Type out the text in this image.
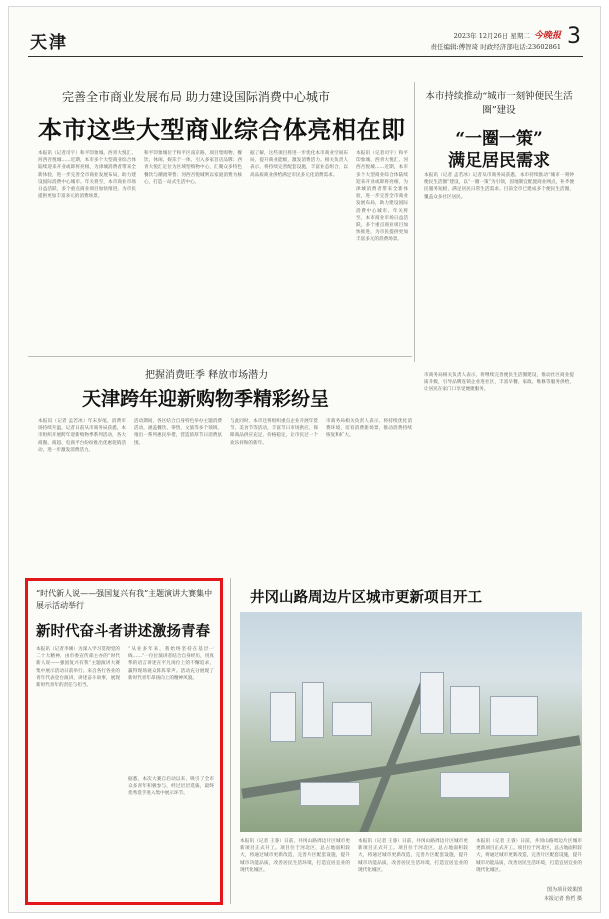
天津	2023年 12月26日 星期二 今晚报
责任编辑:傅智琦 时政经济部电话:23602861 3
完善全市商业发展布局 助力建设国际消费中心城市
本市这些大型商业综合体亮相在即
本报讯（记者司宇）和平印象城、西青大悦汇、河西吾悦城……近期，本市多个大型商业综合体陆续迎来开业或即将亮相，为津城消费者带来全新体验，进一步完善全市商业发展布局，助力建设国际消费中心城市。年关将至，本市商业市场日益活跃，多个重点商业项目加快推进，为市民提供更加丰富多元的消费场景。
和平印象城位于和平区南京路，项目集购物、餐饮、休闲、娱乐于一体，引入多家首店品牌；西青大悦汇定位为区域型购物中心，汇聚众多特色餐饮与潮流零售；河西吾悦城则以家庭消费为核心，打造一站式生活中心。
据了解，这些项目将进一步优化本市商业空间布局，提升商业能级，激发消费活力。相关负责人表示，将持续完善配套设施，丰富业态组合，以高品质商业供给满足市民多元化消费需求。
本报讯（记者司宇）和平印象城、西青大悦汇、河西吾悦城……近期，本市多个大型商业综合体陆续迎来开业或即将亮相，为津城消费者带来全新体验，进一步完善全市商业发展布局，助力建设国际消费中心城市。年关将至，本市商业市场日益活跃，多个重点商业项目加快推进，为市民提供更加丰富多元的消费场景。
本市持续推动“城市一刻钟便民生活圈”建设
“一圈一策”
满足居民需求
本报讯（记者 孟若冰）记者从市商务局获悉，本市持续推动“城市一刻钟便民生活圈”建设，以“一圈一策”为引领，因地制宜配置商业网点，补齐便民服务短板，满足居民日常生活需求。目前全市已建成多个便民生活圈，覆盖众多社区居民。
市商务局相关负责人表示，将继续完善便民生活圈建设，推动社区商业提质升级，引导品牌连锁企业进社区，丰富早餐、家政、维修等服务供给，让居民在家门口享受便捷服务。
把握消费旺季 释放市场潜力
天津跨年迎新购物季精彩纷呈
本报讯（记者 孟若冰）年末岁尾，消费市场持续升温。记者日前从市商务局获悉，本市组织开展跨年迎新购物季系列活动，各大商圈、商超、电商平台纷纷推出优惠促销活动，进一步激发消费活力。
活动期间，各区结合自身特色举办主题消费活动，涵盖餐饮、零售、文旅等多个领域，推出一系列惠民举措，营造浓厚节日消费氛围。
与此同时，本市还将组织重点企业开展年货节、美食节等活动，丰富节日市场供应，保障商品供应充足、价格稳定，让市民过一个欢乐祥和的新年。
市商务局相关负责人表示，将持续优化消费环境，培育消费新场景，推动消费持续恢复和扩大。
“时代新人说——强国复兴有我”主题演讲大赛集中展示活动举行
新时代奋斗者讲述激扬青春
本报讯（记者李刚）为深入学习贯彻党的二十大精神，由市委宣传部主办的“时代新人说——强国复兴有我”主题演讲大赛集中展示活动日前举行。来自各行各业的青年代表登台演讲，讲述奋斗故事，展现新时代青年的责任与担当。
“从业多年来，我始终坚持在基层一线……”一位位演讲者结合自身经历，用真挚的语言讲述在平凡岗位上的不懈追求，赢得现场观众阵阵掌声。活动充分展现了新时代青年昂扬向上的精神风貌。
据悉，本次大赛自启动以来，吸引了全市众多青年积极参与，经过层层选拔，最终优秀选手进入集中展示环节。
井冈山路周边片区城市更新项目开工
本报讯（记者 王睿）日前，井冈山路周边片区城市更新项目正式开工。项目位于河北区，总占地面积较大，将通过城市更新改造，完善片区配套设施，提升城市功能品质，改善居民生活环境，打造宜居宜业的现代化城区。
本报讯（记者 王睿）日前，井冈山路周边片区城市更新项目正式开工。项目位于河北区，总占地面积较大，将通过城市更新改造，完善片区配套设施，提升城市功能品质，改善居民生活环境，打造宜居宜业的现代化城区。
本报讯（记者 王睿）日前，井冈山路周边片区城市更新项目正式开工。项目位于河北区，总占地面积较大，将通过城市更新改造，完善片区配套设施，提升城市功能品质，改善居民生活环境，打造宜居宜业的现代化城区。
图为项目效果图
本报记者 鲁哲 摄
